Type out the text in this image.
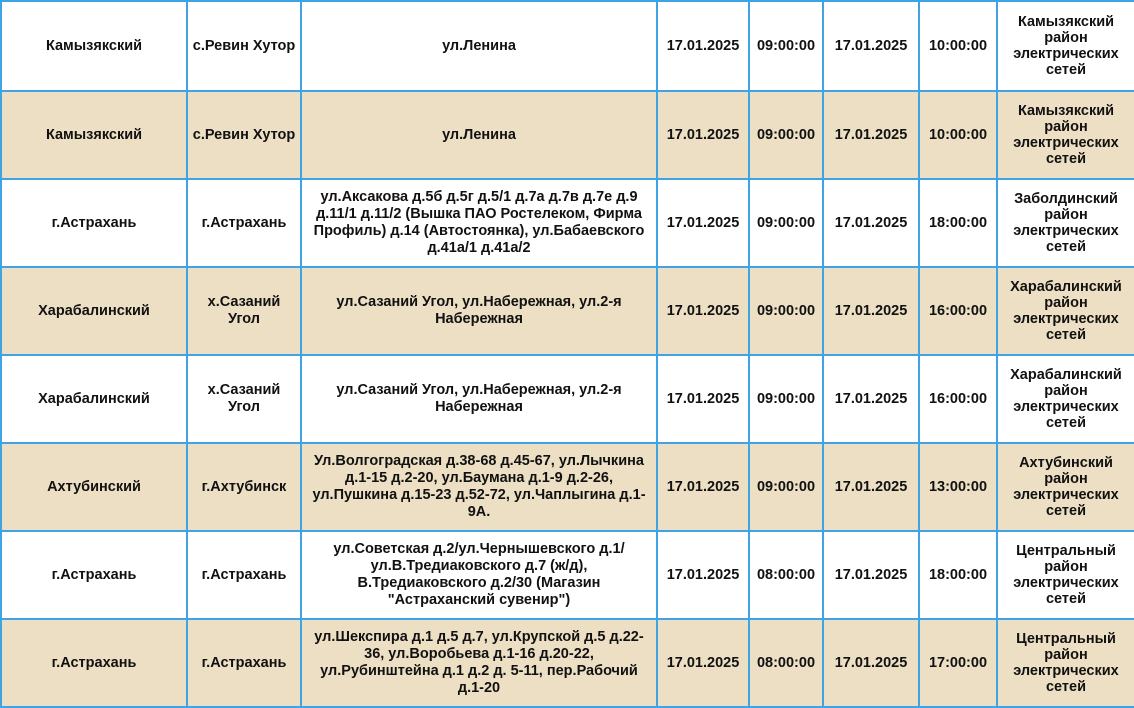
Камызякский	с.Ревин Хутор	ул.Ленина	17.01.2025	09:00:00	17.01.2025	10:00:00	Камызякский район электрических сетей
Камызякский	с.Ревин Хутор	ул.Ленина	17.01.2025	09:00:00	17.01.2025	10:00:00	Камызякский район электрических сетей
г.Астрахань	г.Астрахань	ул.Аксакова д.5б д.5г д.5/1 д.7а д.7в д.7е д.9 д.11/1 д.11/2 (Вышка ПАО Ростелеком, Фирма Профиль) д.14 (Автостоянка), ул.Бабаевского д.41а/1 д.41а/2	17.01.2025	09:00:00	17.01.2025	18:00:00	Заболдинский район электрических сетей
Харабалинский	х.Сазаний Угол	ул.Сазаний Угол, ул.Набережная, ул.2-я Набережная	17.01.2025	09:00:00	17.01.2025	16:00:00	Харабалинский район электрических сетей
Харабалинский	х.Сазаний Угол	ул.Сазаний Угол, ул.Набережная, ул.2-я Набережная	17.01.2025	09:00:00	17.01.2025	16:00:00	Харабалинский район электрических сетей
Ахтубинский	г.Ахтубинск	Ул.Волгоградская д.38-68 д.45-67, ул.Лычкина д.1-15 д.2-20, ул.Баумана д.1-9 д.2-26, ул.Пушкина д.15-23 д.52-72, ул.Чаплыгина д.1-9А.	17.01.2025	09:00:00	17.01.2025	13:00:00	Ахтубинский район электрических сетей
г.Астрахань	г.Астрахань	ул.Советская д.2/ул.Чернышевского д.1/ ул.В.Тредиаковского д.7 (ж/д), В.Тредиаковского д.2/30 (Магазин "Астраханский сувенир")	17.01.2025	08:00:00	17.01.2025	18:00:00	Центральный район электрических сетей
г.Астрахань	г.Астрахань	ул.Шекспира д.1 д.5 д.7, ул.Крупской д.5 д.22-36, ул.Воробьева д.1-16 д.20-22, ул.Рубинштейна д.1 д.2 д. 5-11, пер.Рабочий д.1-20	17.01.2025	08:00:00	17.01.2025	17:00:00	Центральный район электрических сетей
